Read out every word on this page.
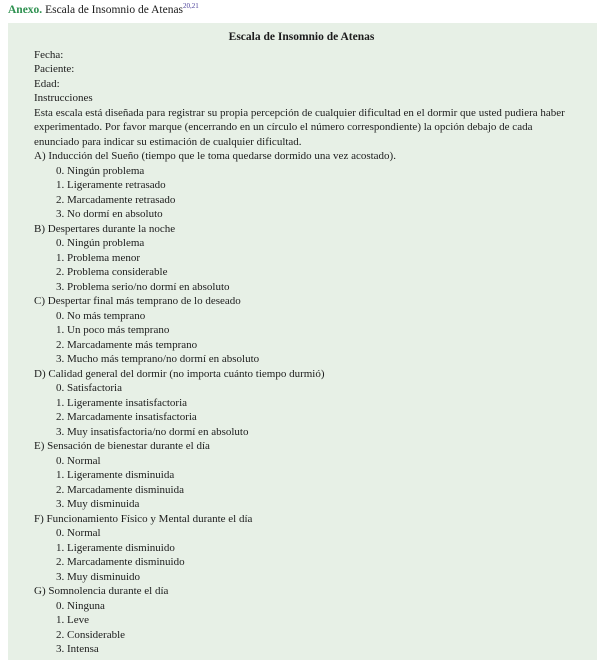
Anexo. Escala de Insomnio de Atenas$^{20,21}$
Escala de Insomnio de Atenas
Fecha:
Paciente:
Edad:
Instrucciones
Esta escala está diseñada para registrar su propia percepción de cualquier dificultad en el dormir que usted pudiera haber experimentado. Por favor marque (encerrando en un círculo el número correspondiente) la opción debajo de cada enunciado para indicar su estimación de cualquier dificultad.
A) Inducción del Sueño (tiempo que le toma quedarse dormido una vez acostado).
0. Ningún problema
1. Ligeramente retrasado
2. Marcadamente retrasado
3. No dormí en absoluto
B) Despertares durante la noche
0. Ningún problema
1. Problema menor
2. Problema considerable
3. Problema serio/no dormí en absoluto
C) Despertar final más temprano de lo deseado
0. No más temprano
1. Un poco más temprano
2. Marcadamente más temprano
3. Mucho más temprano/no dormí en absoluto
D) Calidad general del dormir (no importa cuánto tiempo durmió)
0. Satisfactoria
1. Ligeramente insatisfactoria
2. Marcadamente insatisfactoria
3. Muy insatisfactoria/no dormí en absoluto
E) Sensación de bienestar durante el día
0. Normal
1. Ligeramente disminuida
2. Marcadamente disminuida
3. Muy disminuida
F) Funcionamiento Físico y Mental durante el día
0. Normal
1. Ligeramente disminuido
2. Marcadamente disminuido
3. Muy disminuido
G) Somnolencia durante el día
0. Ninguna
1. Leve
2. Considerable
3. Intensa
